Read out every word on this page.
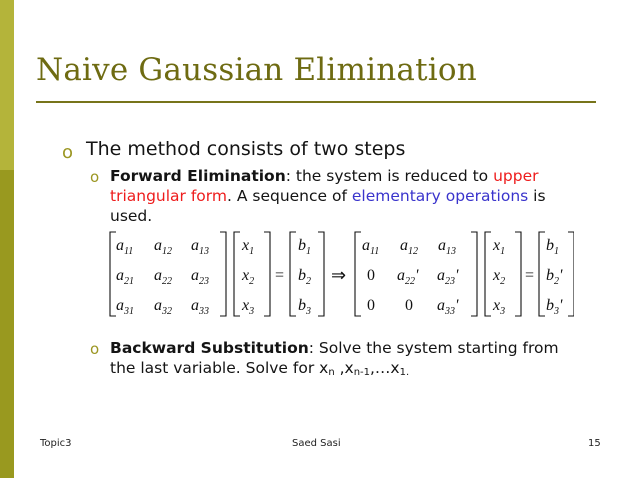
Naive Gaussian Elimination
o The method consists of two steps
o Forward Elimination: the system is reduced to upper triangular form. A sequence of elementary operations is used.
$a_{11}$ $a_{12}$ $a_{13}$
$a_{21}$ $a_{22}$ $a_{23}$
$a_{31}$ $a_{32}$ $a_{33}$
$x_1$
$x_2$
$x_3$
=
$b_1$
$b_2$
$b_3$
⇒
$a_{11}$ $a_{12}$ $a_{13}$
0 $a_{22}'$ $a_{23}'$
0 0 $a_{33}'$
$x_1$
$x_2$
$x_3$
=
$b_1$
$b_2'$
$b_3'$
o Backward Substitution: Solve the system starting from the last variable. Solve for $x_n$ $,x_{n-1},\dots x_{1.}$
Topic3	Saed Sasi	15
